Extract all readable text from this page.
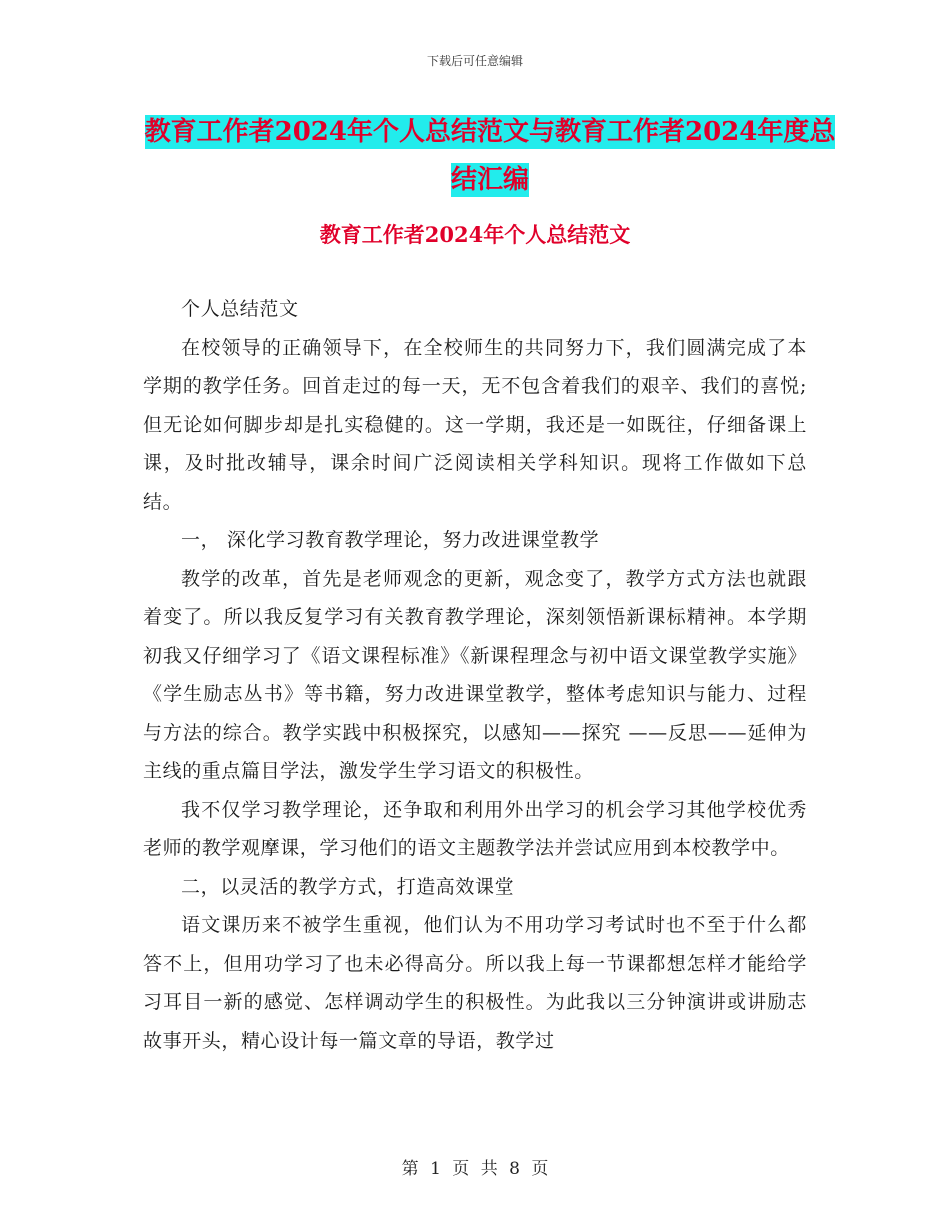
下载后可任意编辑
教育工作者2024年个人总结范文与教育工作者2024年度总结汇编
教育工作者2024年个人总结范文

个人总结范文

在校领导的正确领导下，在全校师生的共同努力下，我们圆满完成了本学期的教学任务。回首走过的每一天，无不包含着我们的艰辛、我们的喜悦;但无论如何脚步却是扎实稳健的。这一学期，我还是一如既往，仔细备课上课，及时批改辅导，课余时间广泛阅读相关学科知识。现将工作做如下总结。

一， 深化学习教育教学理论，努力改进课堂教学

教学的改革，首先是老师观念的更新，观念变了，教学方式方法也就跟着变了。所以我反复学习有关教育教学理论，深刻领悟新课标精神。本学期初我又仔细学习了《语文课程标准》《新课程理念与初中语文课堂教学实施》《学生励志丛书》等书籍，努力改进课堂教学，整体考虑知识与能力、过程与方法的综合。教学实践中积极探究，以感知——探究 ——反思——延伸为主线的重点篇目学法，激发学生学习语文的积极性。

我不仅学习教学理论，还争取和利用外出学习的机会学习其他学校优秀老师的教学观摩课，学习他们的语文主题教学法并尝试应用到本校教学中。

二，以灵活的教学方式，打造高效课堂

语文课历来不被学生重视，他们认为不用功学习考试时也不至于什么都答不上，但用功学习了也未必得高分。所以我上每一节课都想怎样才能给学习耳目一新的感觉、怎样调动学生的积极性。为此我以三分钟演讲或讲励志故事开头，精心设计每一篇文章的导语，教学过

第 1 页 共 8 页
